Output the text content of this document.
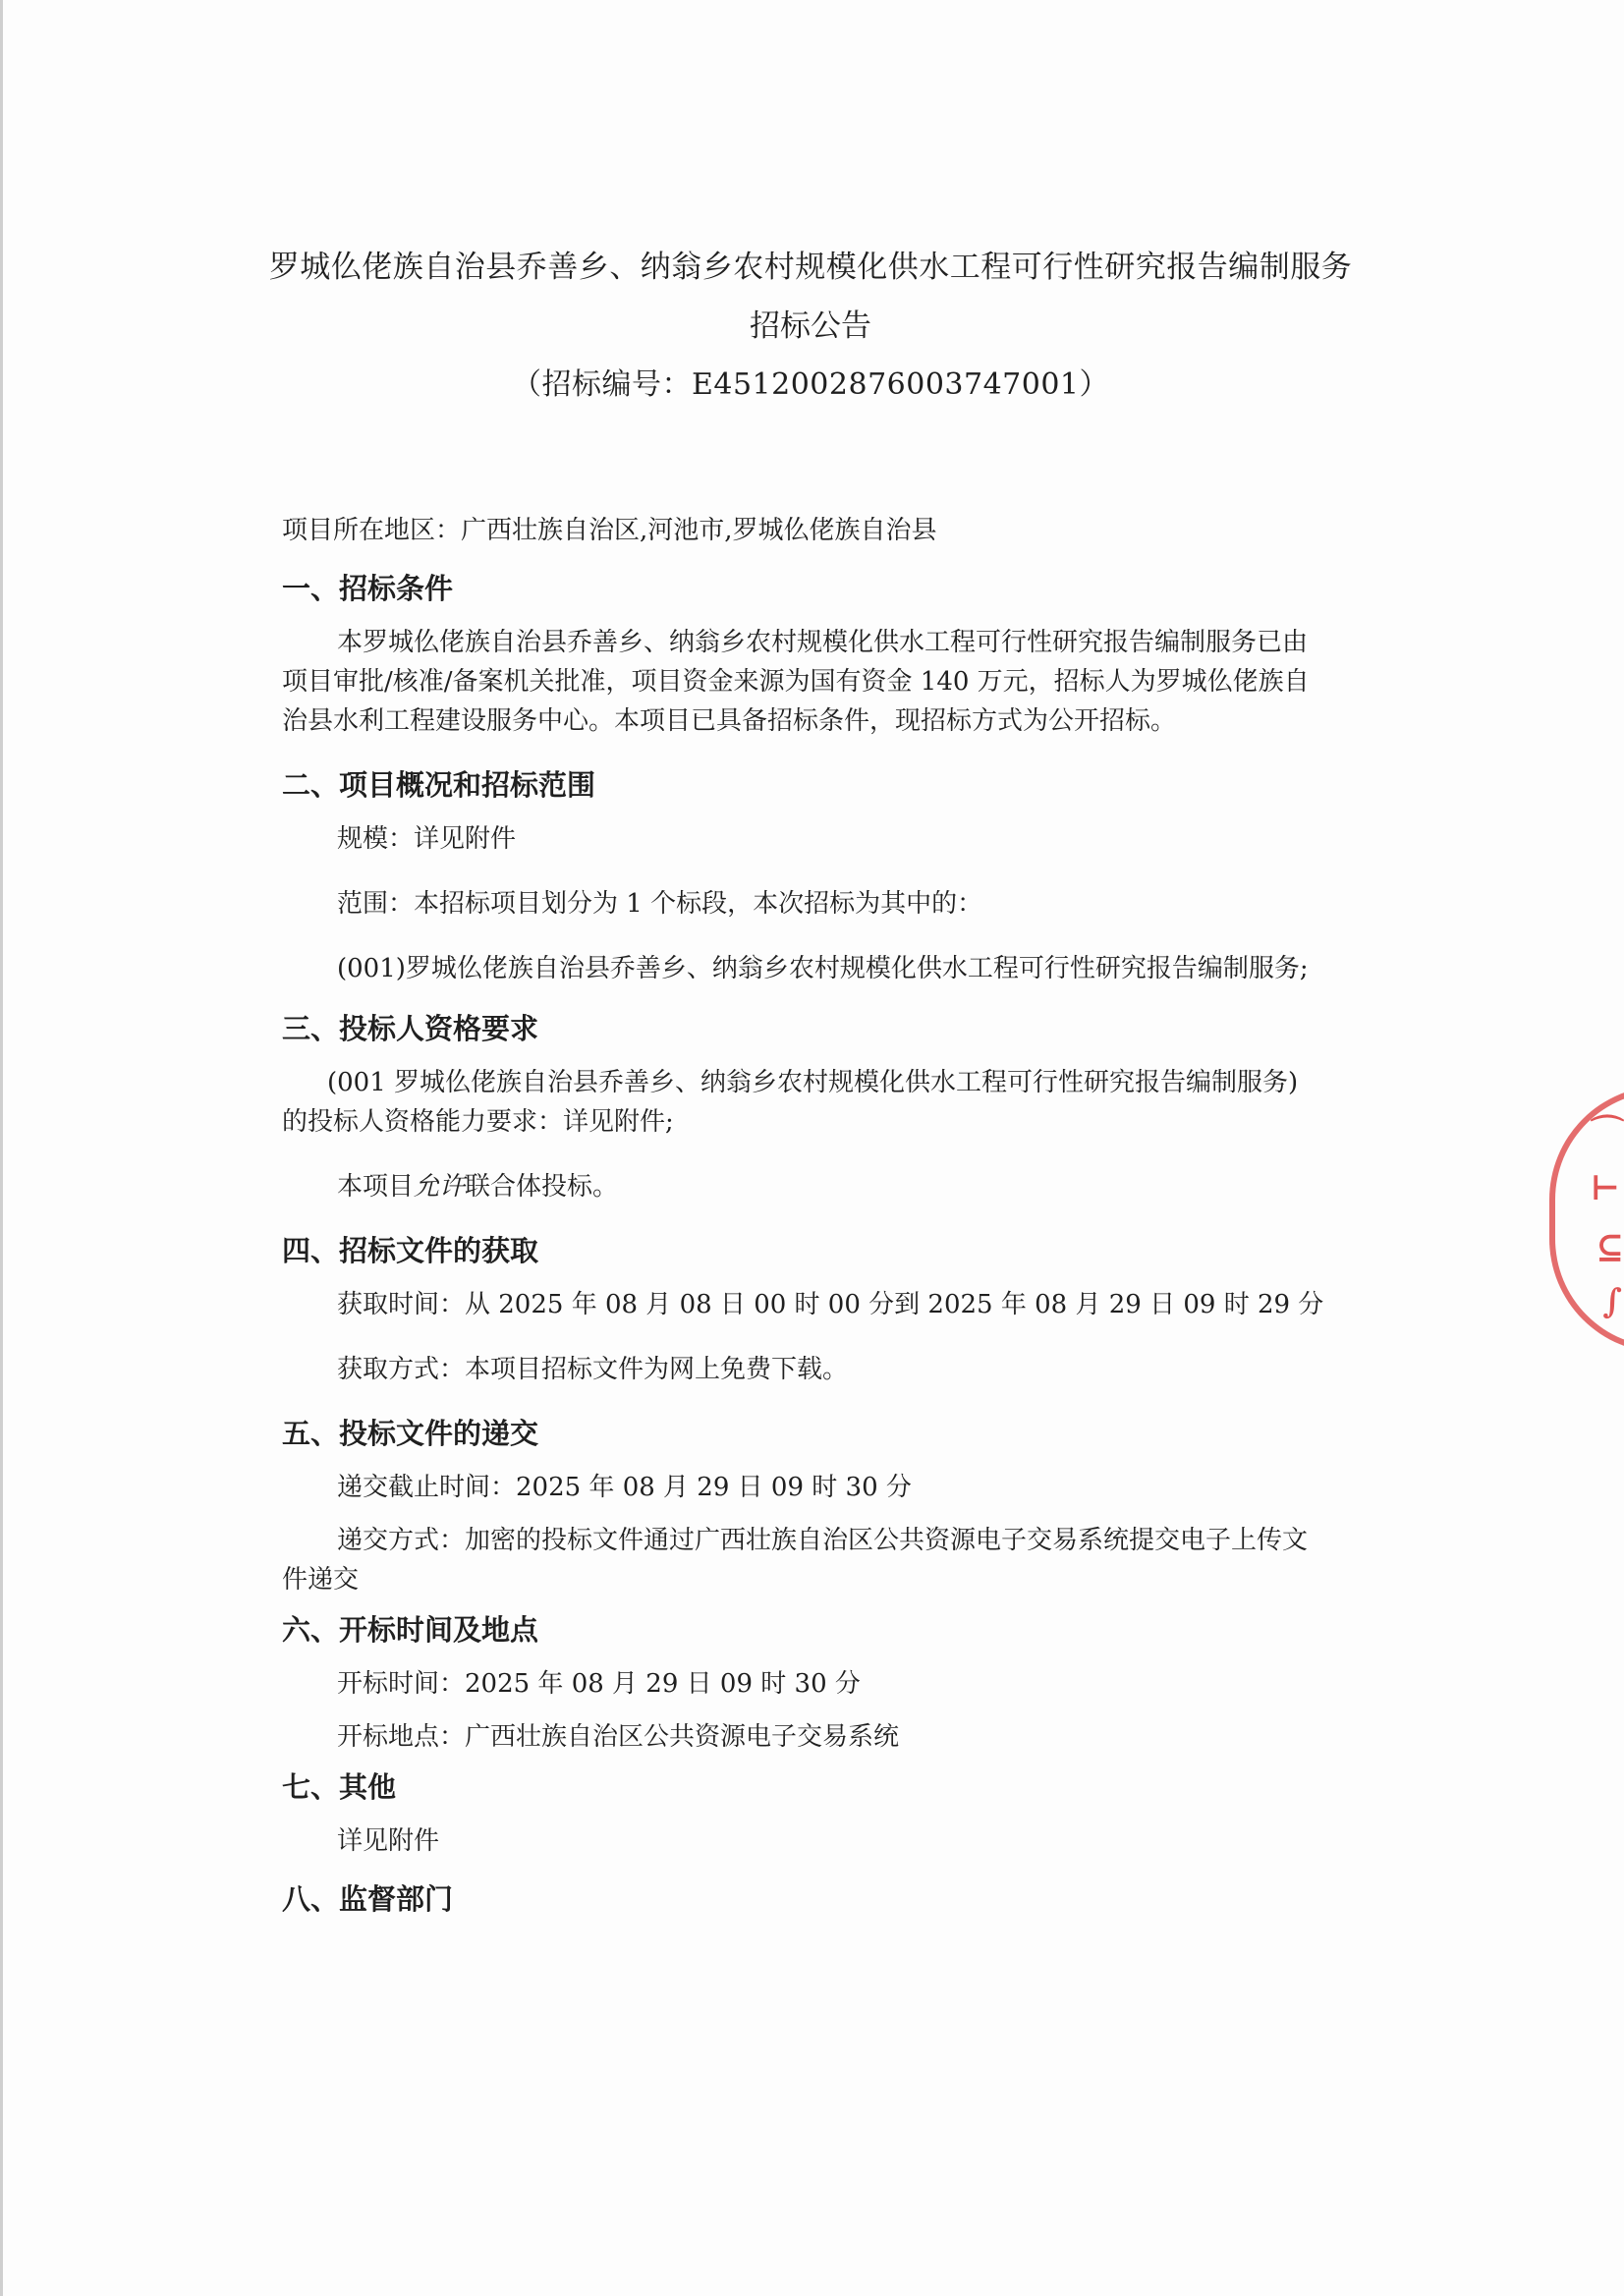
罗城仫佬族自治县乔善乡、纳翁乡农村规模化供水工程可行性研究报告编制服务
招标公告
（招标编号：E4512002876003747001）
项目所在地区：广西壮族自治区,河池市,罗城仫佬族自治县
一、招标条件
本罗城仫佬族自治县乔善乡、纳翁乡农村规模化供水工程可行性研究报告编制服务已由
项目审批/核准/备案机关批准，项目资金来源为国有资金 140 万元，招标人为罗城仫佬族自
治县水利工程建设服务中心。本项目已具备招标条件，现招标方式为公开招标。
二、项目概况和招标范围
规模：详见附件
范围：本招标项目划分为 1 个标段，本次招标为其中的：
(001)罗城仫佬族自治县乔善乡、纳翁乡农村规模化供水工程可行性研究报告编制服务;
三、投标人资格要求
(001 罗城仫佬族自治县乔善乡、纳翁乡农村规模化供水工程可行性研究报告编制服务)
的投标人资格能力要求：详见附件;
本项目允许联合体投标。
四、招标文件的获取
获取时间：从 2025 年 08 月 08 日 00 时 00 分到 2025 年 08 月 29 日 09 时 29 分
获取方式：本项目招标文件为网上免费下载。
五、投标文件的递交
递交截止时间：2025 年 08 月 29 日 09 时 30 分
递交方式：加密的投标文件通过广西壮族自治区公共资源电子交易系统提交电子上传文
件递交
六、开标时间及地点
开标时间：2025 年 08 月 29 日 09 时 30 分
开标地点：广西壮族自治区公共资源电子交易系统
七、其他
详见附件
八、监督部门
⌒
⊢
⊆
∫
